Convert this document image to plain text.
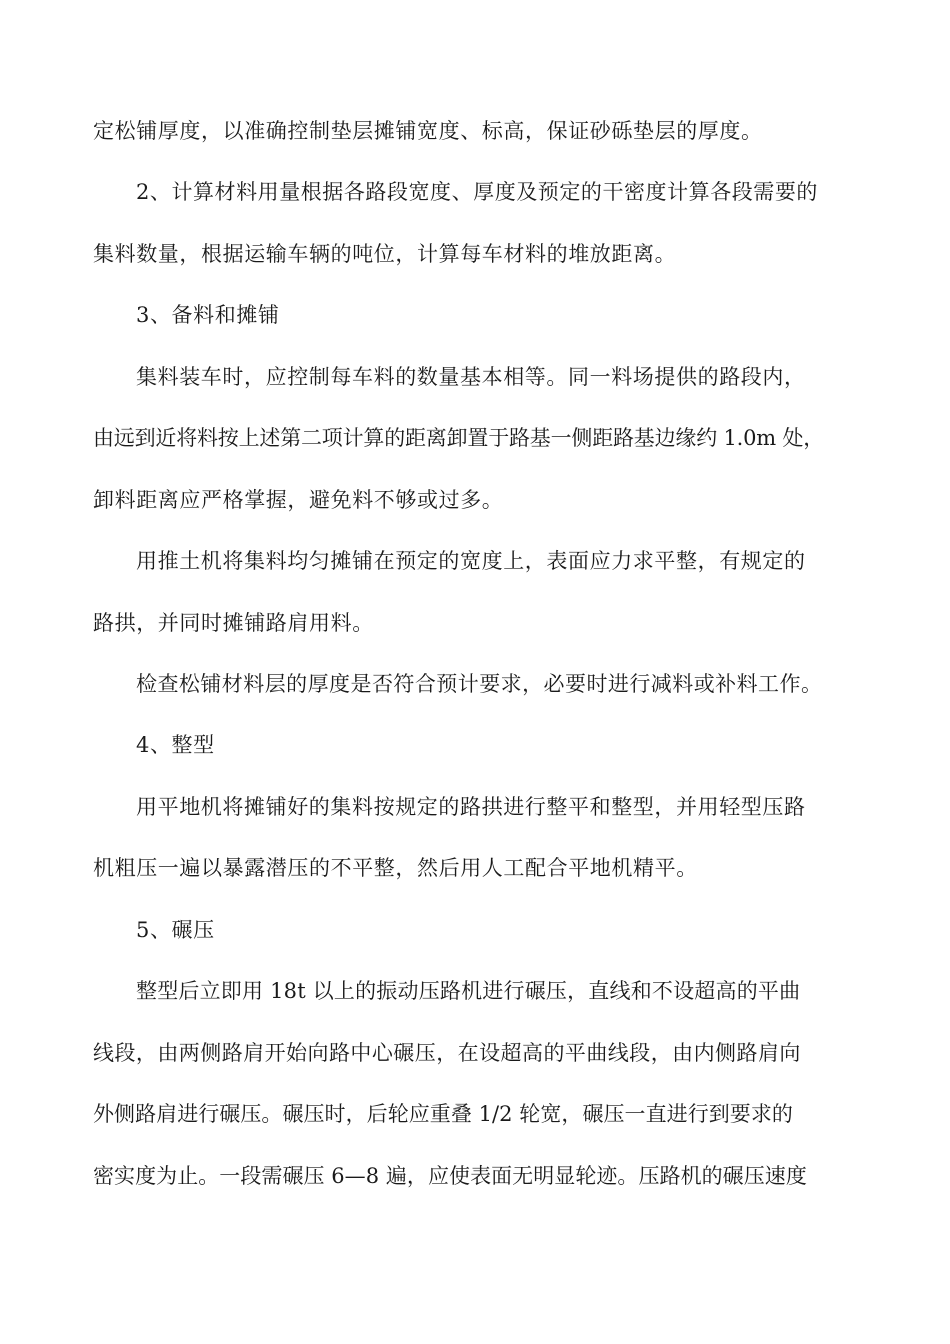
定松铺厚度，以准确控制垫层摊铺宽度、标高，保证砂砾垫层的厚度。
2、计算材料用量根据各路段宽度、厚度及预定的干密度计算各段需要的
集料数量，根据运输车辆的吨位，计算每车材料的堆放距离。
3、备料和摊铺
集料装车时，应控制每车料的数量基本相等。同一料场提供的路段内，
由远到近将料按上述第二项计算的距离卸置于路基一侧距路基边缘约 1.0m 处，
卸料距离应严格掌握，避免料不够或过多。
用推土机将集料均匀摊铺在预定的宽度上，表面应力求平整，有规定的
路拱，并同时摊铺路肩用料。
检查松铺材料层的厚度是否符合预计要求，必要时进行减料或补料工作。
4、整型
用平地机将摊铺好的集料按规定的路拱进行整平和整型，并用轻型压路
机粗压一遍以暴露潜压的不平整，然后用人工配合平地机精平。
5、碾压
整型后立即用 18t 以上的振动压路机进行碾压，直线和不设超高的平曲
线段，由两侧路肩开始向路中心碾压，在设超高的平曲线段，由内侧路肩向
外侧路肩进行碾压。碾压时，后轮应重叠 1/2 轮宽，碾压一直进行到要求的
密实度为止。一段需碾压 6—8 遍，应使表面无明显轮迹。压路机的碾压速度
